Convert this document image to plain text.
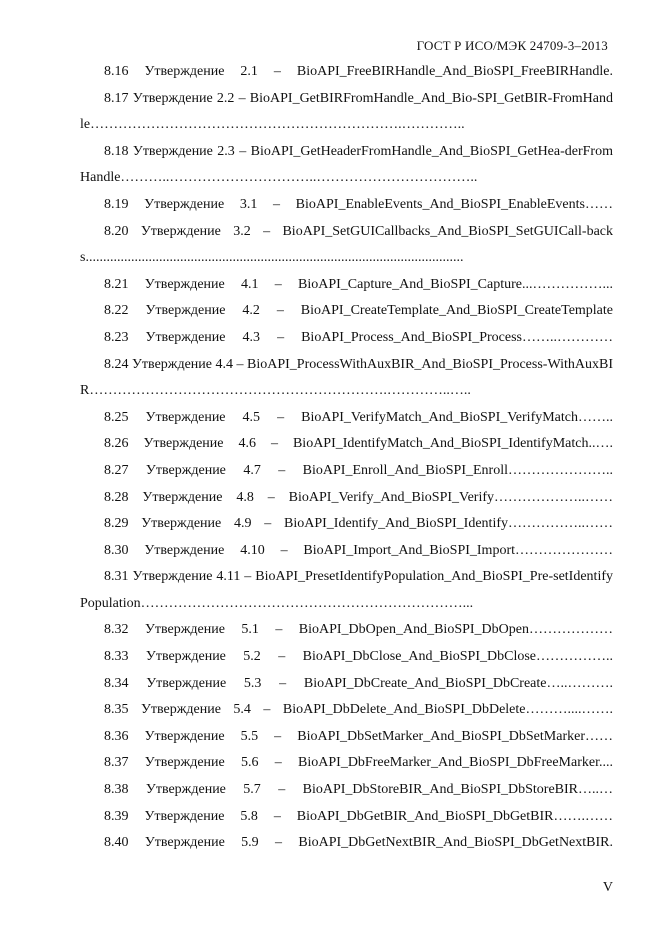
ГОСТ Р ИСО/МЭК 24709-3–2013

8.16 Утверждение 2.1 – BioAPI_FreeBIRHandle_And_BioSPI_FreeBIRHandle.

8.17 Утверждение 2.2 – BioAPI_GetBIRFromHandle_And_Bio-SPI_GetBIR-FromHandle………………………………………………………….…………..

8.18 Утверждение 2.3 – BioAPI_GetHeaderFromHandle_And_BioSPI_GetHea-derFromHandle………..…………………………..……………………………..

8.19 Утверждение 3.1 – BioAPI_EnableEvents_And_BioSPI_EnableEvents……

8.20 Утверждение 3.2 – BioAPI_SetGUICallbacks_And_BioSPI_SetGUICall-backs............................................................................................................

8.21 Утверждение 4.1 – BioAPI_Capture_And_BioSPI_Capture...……………...

8.22 Утверждение 4.2 – BioAPI_CreateTemplate_And_BioSPI_CreateTemplate

8.23 Утверждение 4.3 – BioAPI_Process_And_BioSPI_Process……..…………

8.24 Утверждение 4.4 – BioAPI_ProcessWithAuxBIR_And_BioSPI_Process-WithAuxBIR……………………………………………………….…………..…..

8.25 Утверждение 4.5 – BioAPI_VerifyMatch_And_BioSPI_VerifyMatch……..

8.26 Утверждение 4.6 – BioAPI_IdentifyMatch_And_BioSPI_IdentifyMatch..….

8.27 Утверждение 4.7 – BioAPI_Enroll_And_BioSPI_Enroll…………………..

8.28 Утверждение 4.8 – BioAPI_Verify_And_BioSPI_Verify………………..……

8.29 Утверждение 4.9 – BioAPI_Identify_And_BioSPI_Identify……………..……

8.30 Утверждение 4.10 – BioAPI_Import_And_BioSPI_Import…………………

8.31 Утверждение 4.11 – BioAPI_PresetIdentifyPopulation_And_BioSPI_Pre-setIdentifyPopulation……………………………………………………………...

8.32 Утверждение 5.1 – BioAPI_DbOpen_And_BioSPI_DbOpen………………

8.33 Утверждение 5.2 – BioAPI_DbClose_And_BioSPI_DbClose……………..

8.34 Утверждение 5.3 – BioAPI_DbCreate_And_BioSPI_DbCreate…..……….

8.35 Утверждение 5.4 – BioAPI_DbDelete_And_BioSPI_DbDelete………....…….

8.36 Утверждение 5.5 – BioAPI_DbSetMarker_And_BioSPI_DbSetMarker……

8.37 Утверждение 5.6 – BioAPI_DbFreeMarker_And_BioSPI_DbFreeMarker....

8.38 Утверждение 5.7 – BioAPI_DbStoreBIR_And_BioSPI_DbStoreBIR…..…

8.39 Утверждение 5.8 – BioAPI_DbGetBIR_And_BioSPI_DbGetBIR…….……

8.40 Утверждение 5.9 – BioAPI_DbGetNextBIR_And_BioSPI_DbGetNextBIR.

V
